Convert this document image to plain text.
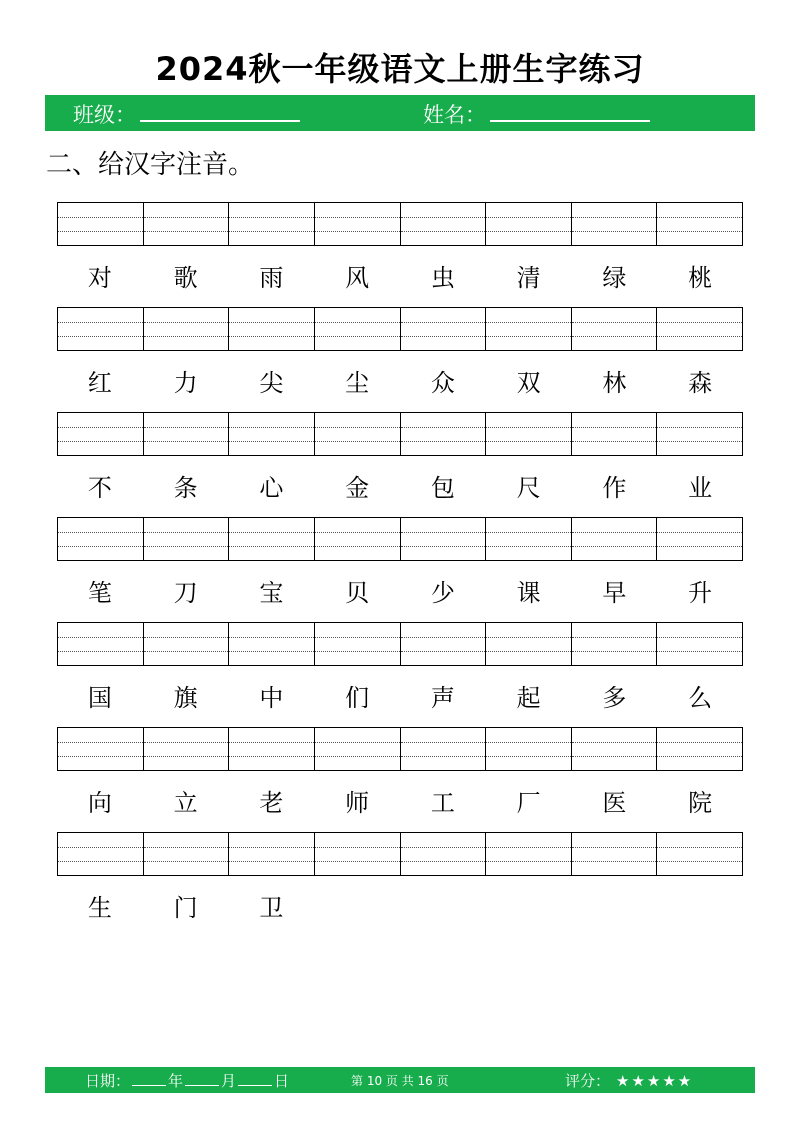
2024秋一年级语文上册生字练习
班级：	姓名：
二、给汉字注音。
对	歌	雨	风	虫	清	绿	桃
红	力	尖	尘	众	双	林	森
不	条	心	金	包	尺	作	业
笔	刀	宝	贝	少	课	早	升
国	旗	中	们	声	起	多	么
向	立	老	师	工	厂	医	院
生	门	卫
日期：	年	月	日	第 10 页 共 16 页	评分： ★★★★★
